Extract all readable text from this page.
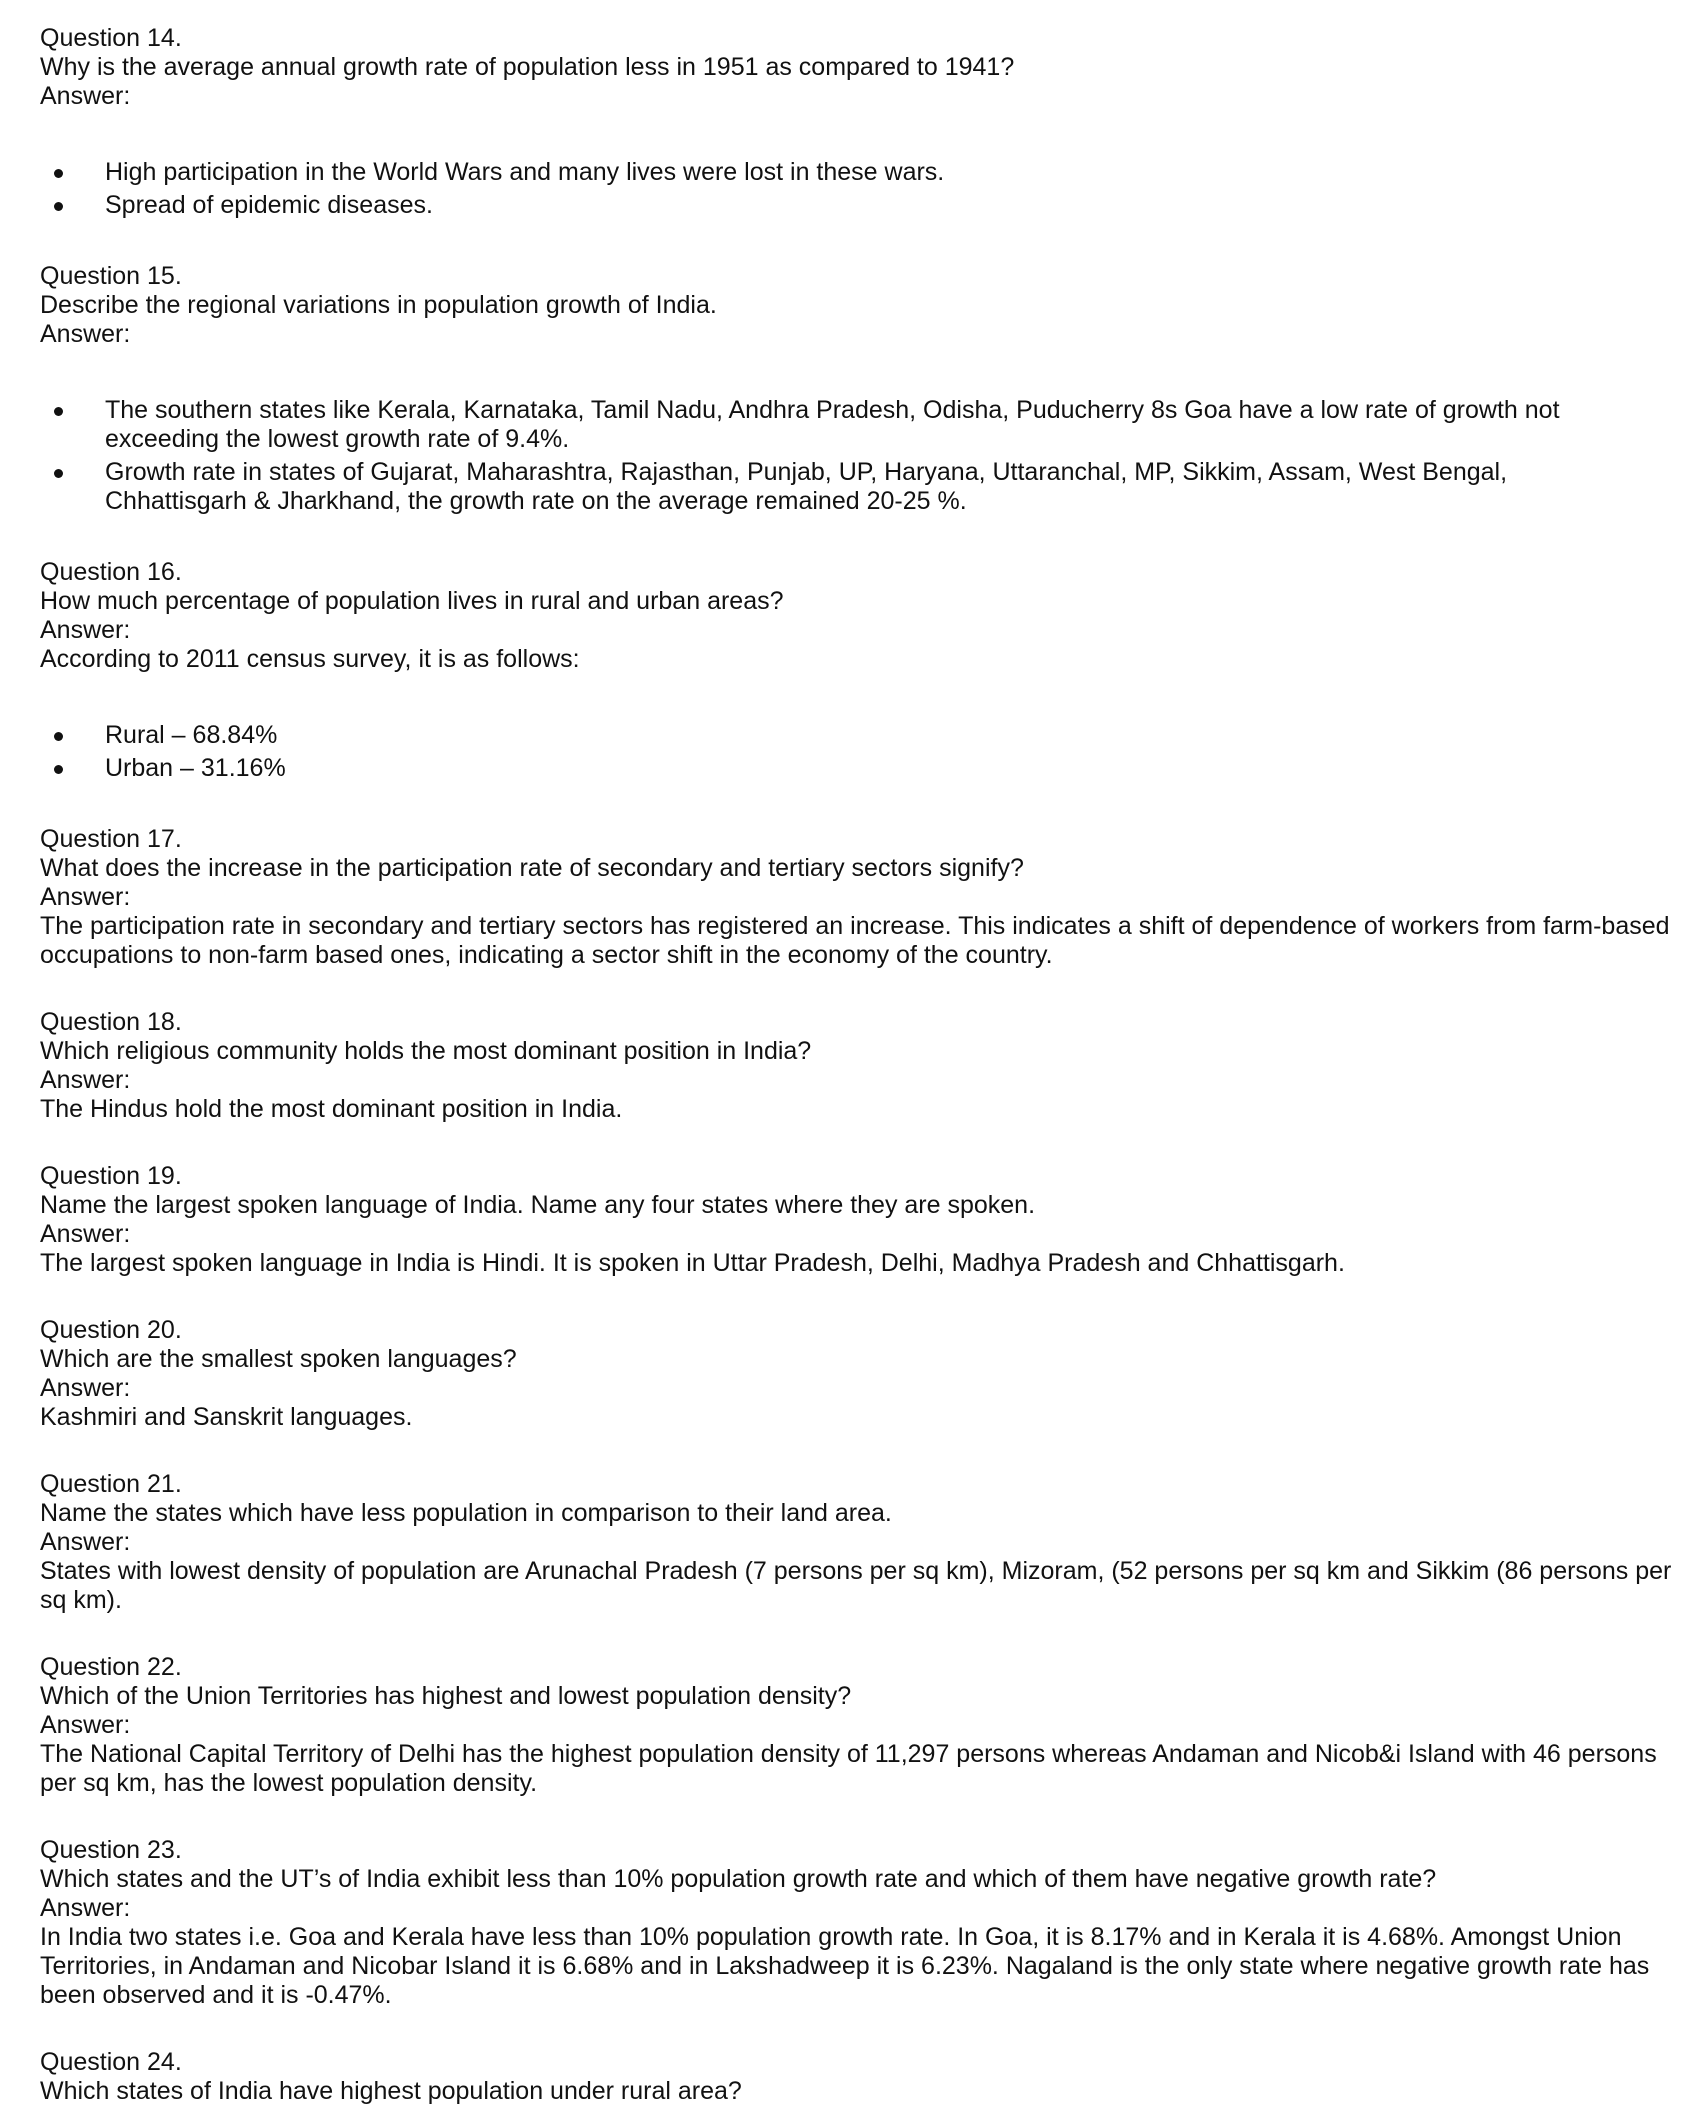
Question 14.

Why is the average annual growth rate of population less in 1951 as compared to 1941?

Answer:

High participation in the World Wars and many lives were lost in these wars.
Spread of epidemic diseases.

Question 15.

Describe the regional variations in population growth of India.

Answer:

The southern states like Kerala, Karnataka, Tamil Nadu, Andhra Pradesh, Odisha, Puducherry 8s Goa have a low rate of growth not exceeding the lowest growth rate of 9.4%.
Growth rate in states of Gujarat, Maharashtra, Rajasthan, Punjab, UP, Haryana, Uttaranchal, MP, Sikkim, Assam, West Bengal, Chhattisgarh & Jharkhand, the growth rate on the average remained 20-25 %.

Question 16.

How much percentage of population lives in rural and urban areas?

Answer:

According to 2011 census survey, it is as follows:

Rural – 68.84%
Urban – 31.16%

Question 17.

What does the increase in the participation rate of secondary and tertiary sectors signify?

Answer:

The participation rate in secondary and tertiary sectors has registered an increase. This indicates a shift of dependence of workers from farm-based occupations to non-farm based ones, indicating a sector shift in the economy of the country.

Question 18.

Which religious community holds the most dominant position in India?

Answer:

The Hindus hold the most dominant position in India.

Question 19.

Name the largest spoken language of India. Name any four states where they are spoken.

Answer:

The largest spoken language in India is Hindi. It is spoken in Uttar Pradesh, Delhi, Madhya Pradesh and Chhattisgarh.

Question 20.

Which are the smallest spoken languages?

Answer:

Kashmiri and Sanskrit languages.

Question 21.

Name the states which have less population in comparison to their land area.

Answer:

States with lowest density of population are Arunachal Pradesh (7 persons per sq km), Mizoram, (52 persons per sq km and Sikkim (86 persons per sq km).

Question 22.

Which of the Union Territories has highest and lowest population density?

Answer:

The National Capital Territory of Delhi has the highest population density of 11,297 persons whereas Andaman and Nicob&i Island with 46 persons per sq km, has the lowest population density.

Question 23.

Which states and the UT’s of India exhibit less than 10% population growth rate and which of them have negative growth rate?

Answer:

In India two states i.e. Goa and Kerala have less than 10% population growth rate. In Goa, it is 8.17% and in Kerala it is 4.68%. Amongst Union Territories, in Andaman and Nicobar Island it is 6.68% and in Lakshadweep it is 6.23%. Nagaland is the only state where negative growth rate has been observed and it is -0.47%.

Question 24.

Which states of India have highest population under rural area?
